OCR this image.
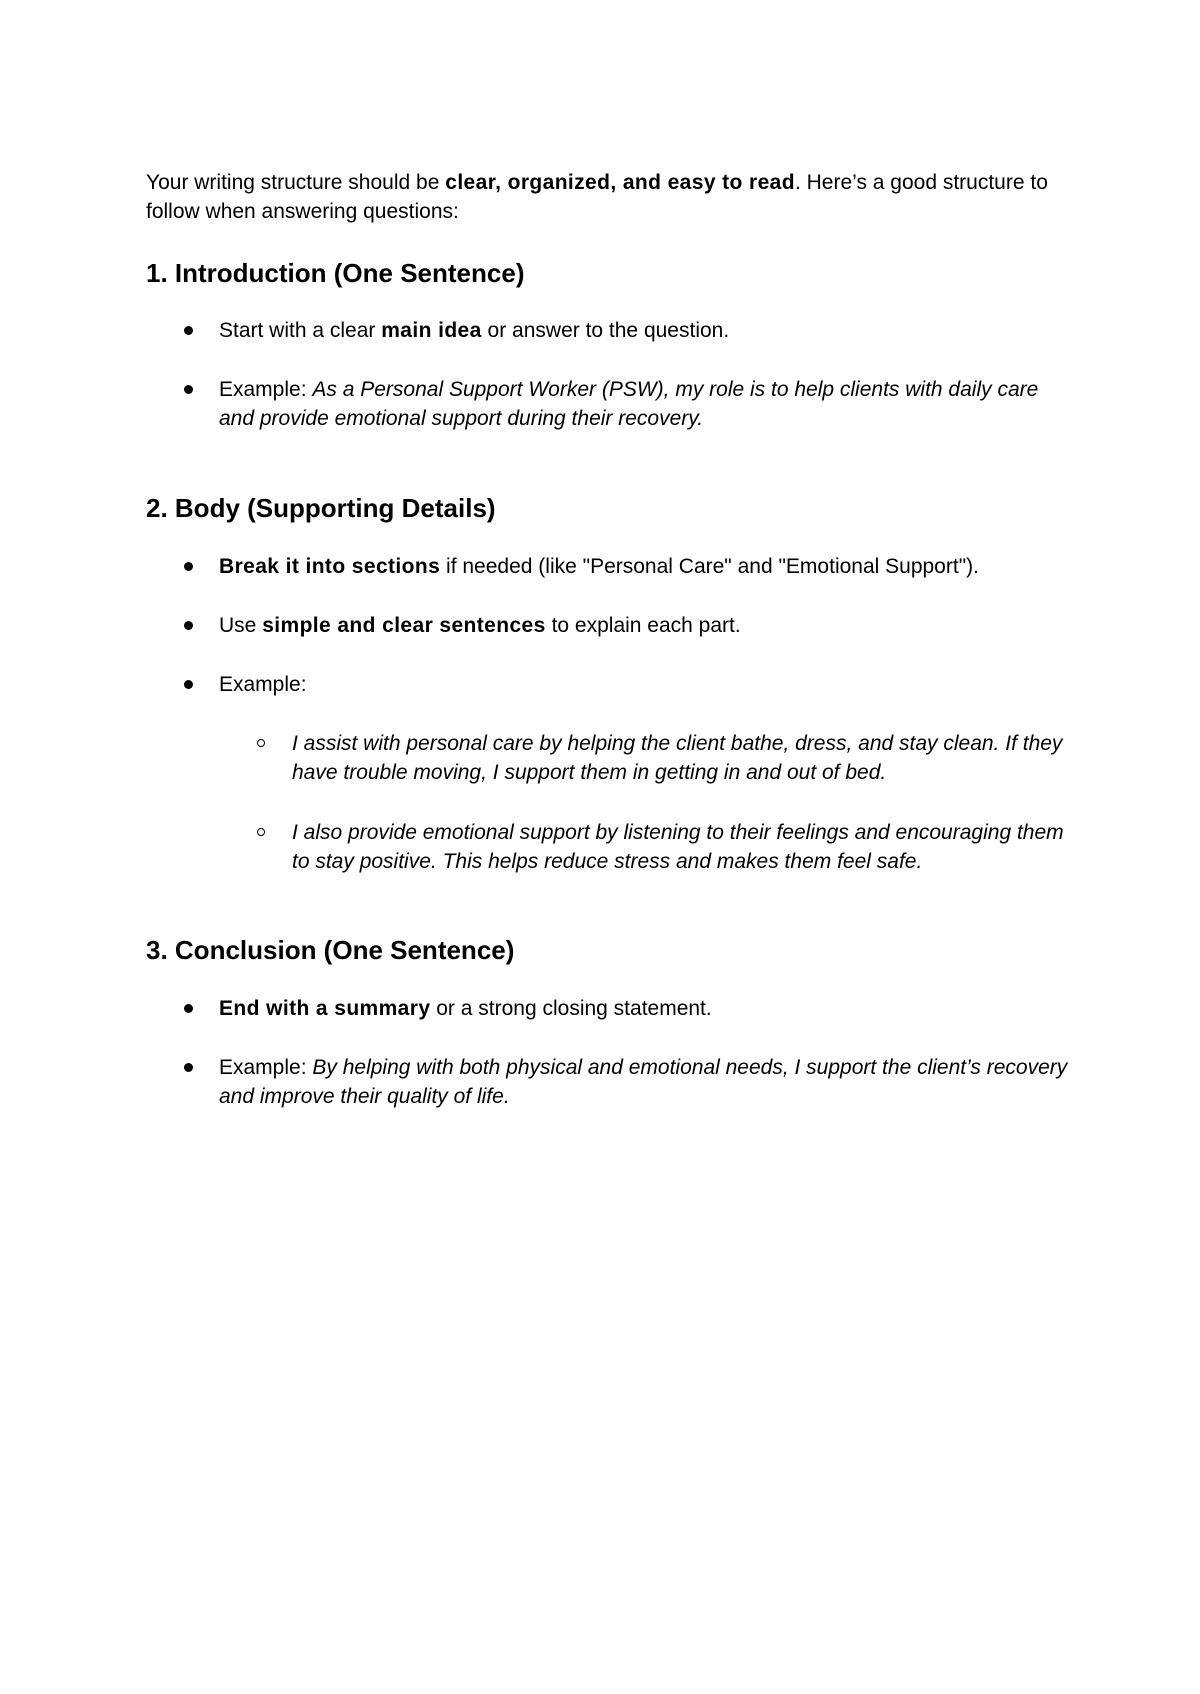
Your writing structure should be clear, organized, and easy to read. Here’s a good structure to follow when answering questions:

1. Introduction (One Sentence)

Start with a clear main idea or answer to the question.

Example: As a Personal Support Worker (PSW), my role is to help clients with daily care and provide emotional support during their recovery.

2. Body (Supporting Details)

Break it into sections if needed (like "Personal Care" and "Emotional Support").

Use simple and clear sentences to explain each part.

Example:

I assist with personal care by helping the client bathe, dress, and stay clean. If they have trouble moving, I support them in getting in and out of bed.

I also provide emotional support by listening to their feelings and encouraging them to stay positive. This helps reduce stress and makes them feel safe.

3. Conclusion (One Sentence)

End with a summary or a strong closing statement.

Example: By helping with both physical and emotional needs, I support the client’s recovery and improve their quality of life.
